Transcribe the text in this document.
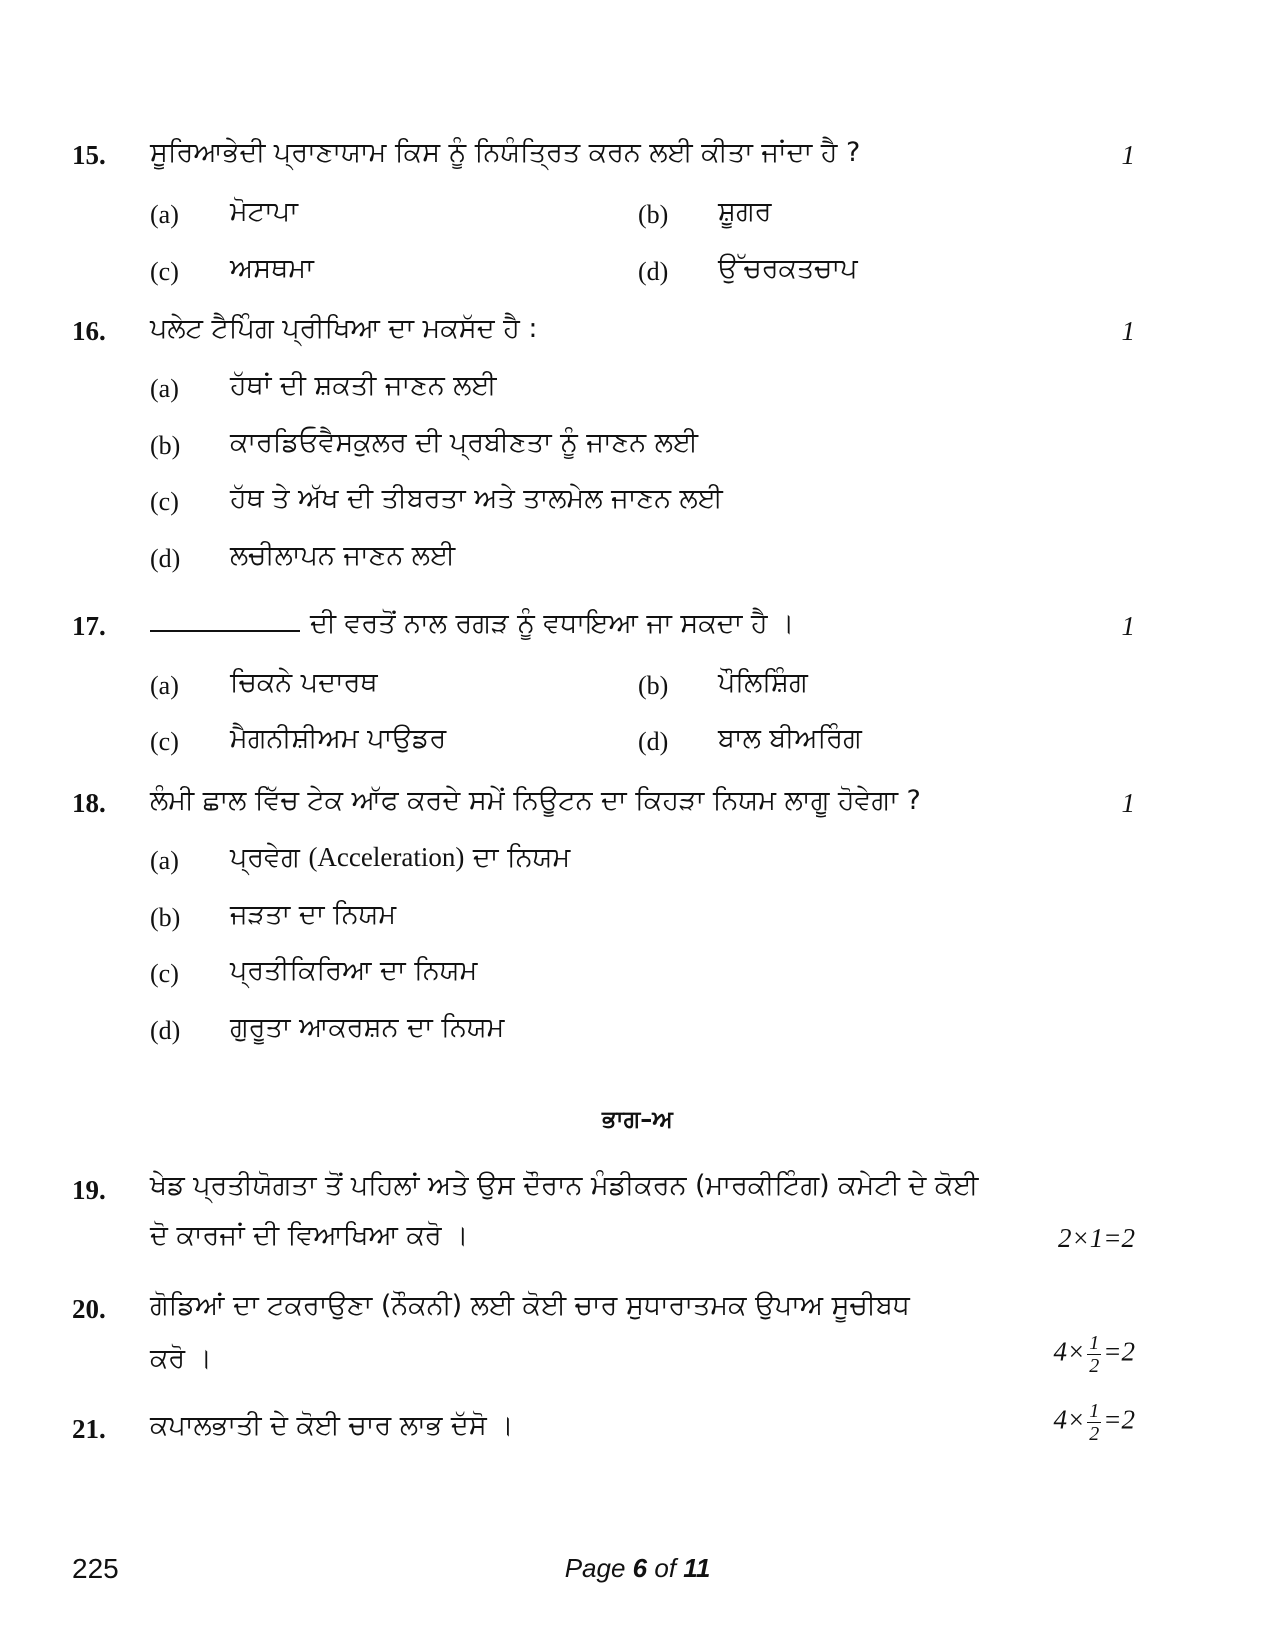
15. ਸੂਰਿਆਭੇਦੀ ਪ੍ਰਾਣਾਯਾਮ ਕਿਸ ਨੂੰ ਨਿਯੰਤ੍ਰਿਤ ਕਰਨ ਲਈ ਕੀਤਾ ਜਾਂਦਾ ਹੈ ?	1
(a) ਮੋਟਾਪਾ	(b) ਸ਼ੂਗਰ
(c) ਅਸਥਮਾ	(d) ਉੱਚਰਕਤਚਾਪ
16. ਪਲੇਟ ਟੈਪਿੰਗ ਪ੍ਰੀਖਿਆ ਦਾ ਮਕਸੱਦ ਹੈ :	1
(a) ਹੱਥਾਂ ਦੀ ਸ਼ਕਤੀ ਜਾਣਨ ਲਈ
(b) ਕਾਰਡਿਓਵੈਸਕੁਲਰ ਦੀ ਪ੍ਰਬੀਣਤਾ ਨੂੰ ਜਾਣਨ ਲਈ
(c) ਹੱਥ ਤੇ ਅੱਖ ਦੀ ਤੀਬਰਤਾ ਅਤੇ ਤਾਲਮੇਲ ਜਾਣਨ ਲਈ
(d) ਲਚੀਲਾਪਨ ਜਾਣਨ ਲਈ
17.	ਦੀ ਵਰਤੋਂ ਨਾਲ ਰਗੜ ਨੂੰ ਵਧਾਇਆ ਜਾ ਸਕਦਾ ਹੈ ।	1
(a) ਚਿਕਨੇ ਪਦਾਰਥ	(b) ਪੌਲਿਸ਼ਿੰਗ
(c) ਮੈਗਨੀਸ਼ੀਅਮ ਪਾਉਡਰ	(d) ਬਾਲ ਬੀਅਰਿੰਗ
18. ਲੰਮੀ ਛਾਲ ਵਿੱਚ ਟੇਕ ਆੱਫ ਕਰਦੇ ਸਮੇਂ ਨਿਊਟਨ ਦਾ ਕਿਹੜਾ ਨਿਯਮ ਲਾਗੂ ਹੋਵੇਗਾ ?	1
(a) ਪ੍ਰਵੇਗ (Acceleration) ਦਾ ਨਿਯਮ
(b) ਜੜਤਾ ਦਾ ਨਿਯਮ
(c) ਪ੍ਰਤੀਕਿਰਿਆ ਦਾ ਨਿਯਮ
(d) ਗੁਰੂਤਾ ਆਕਰਸ਼ਨ ਦਾ ਨਿਯਮ
ਭਾਗ–ਅ
19. ਖੇਡ ਪ੍ਰਤੀਯੋਗਤਾ ਤੋਂ ਪਹਿਲਾਂ ਅਤੇ ਉਸ ਦੌਰਾਨ ਮੰਡੀਕਰਨ (ਮਾਰਕੀਟਿੰਗ) ਕਮੇਟੀ ਦੇ ਕੋਈ
ਦੋ ਕਾਰਜਾਂ ਦੀ ਵਿਆਖਿਆ ਕਰੋ ।	2×1=2
20. ਗੋਡਿਆਂ ਦਾ ਟਕਰਾਉਣਾ (ਨੌਕਨੀ) ਲਈ ਕੋਈ ਚਾਰ ਸੁਧਾਰਾਤਮਕ ਉਪਾਅ ਸੂਚੀਬਧ
ਕਰੋ ।	$4\times \frac{1}{2} =2$
21. ਕਪਾਲਭਾਤੀ ਦੇ ਕੋਈ ਚਾਰ ਲਾਭ ਦੱਸੋ ।	$4\times \frac{1}{2} =2$
225	Page 6 of 11
